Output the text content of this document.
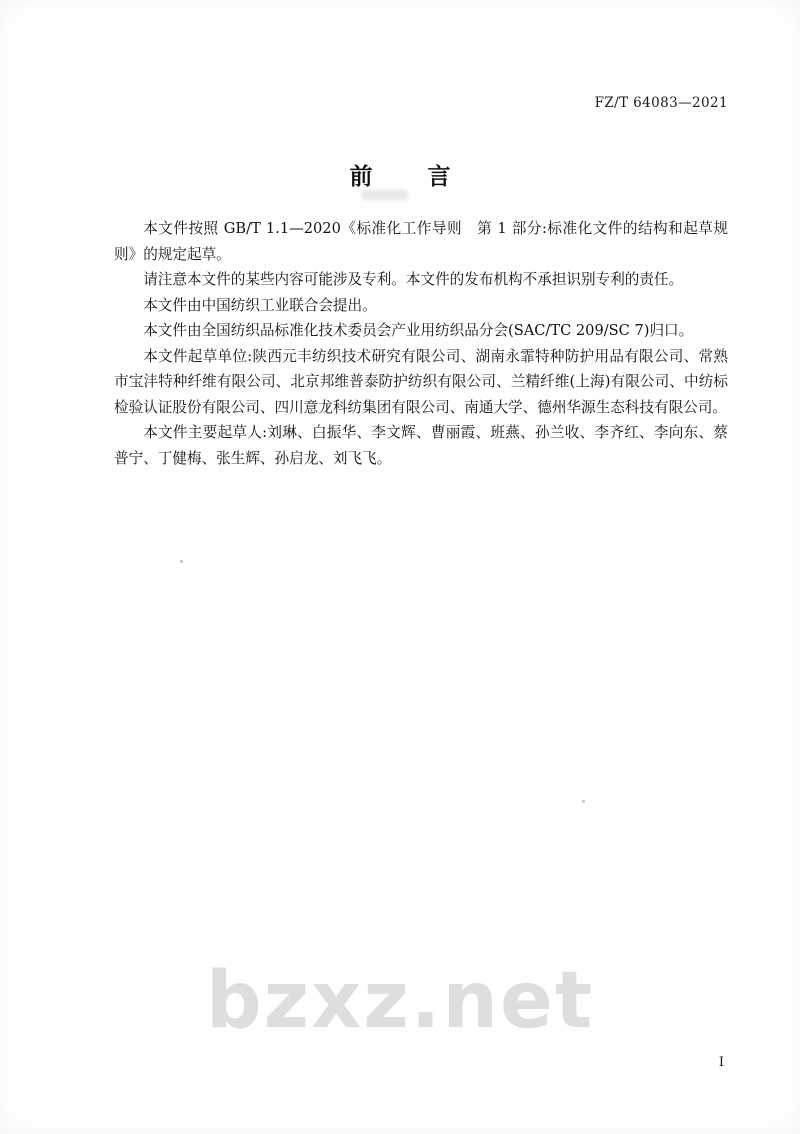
FZ/T 64083—2021
前　言

本文件按照 GB/T 1.1—2020《标准化工作导则　第 1 部分:标准化文件的结构和起草规则》的规定起草。

请注意本文件的某些内容可能涉及专利。本文件的发布机构不承担识别专利的责任。

本文件由中国纺织工业联合会提出。

本文件由全国纺织品标准化技术委员会产业用纺织品分会(SAC/TC 209/SC 7)归口。

本文件起草单位:陕西元丰纺织技术研究有限公司、湖南永霏特种防护用品有限公司、常熟市宝沣特种纤维有限公司、北京邦维普泰防护纺织有限公司、兰精纤维(上海)有限公司、中纺标检验认证股份有限公司、四川意龙科纺集团有限公司、南通大学、德州华源生态科技有限公司。

本文件主要起草人:刘琳、白振华、李文辉、曹丽霞、班燕、孙兰收、李齐红、李向东、蔡普宁、丁健梅、张生辉、孙启龙、刘飞飞。

bzxz.net
Ⅰ
